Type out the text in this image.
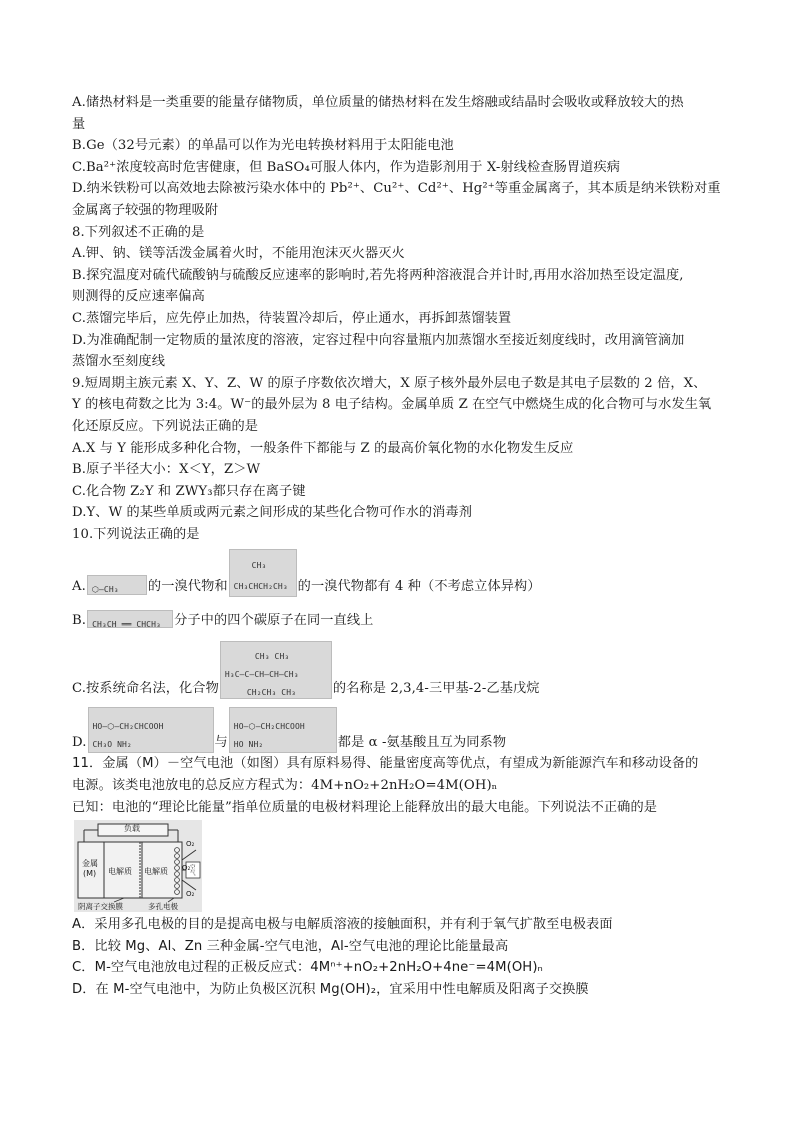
A.储热材料是一类重要的能量存储物质，单位质量的储热材料在发生熔融或结晶时会吸收或释放较大的热
量
B.Ge（32号元素）的单晶可以作为光电转换材料用于太阳能电池
C.Ba²⁺浓度较高时危害健康，但 BaSO₄可服人体内，作为造影剂用于 X-射线检查肠胃道疾病
D.纳米铁粉可以高效地去除被污染水体中的 Pb²⁺、Cu²⁺、Cd²⁺、Hg²⁺等重金属离子，其本质是纳米铁粉对重
金属离子较强的物理吸附
8.下列叙述不正确的是
A.钾、钠、镁等活泼金属着火时，不能用泡沫灭火器灭火
B.探究温度对硫代硫酸钠与硫酸反应速率的影响时,若先将两种溶液混合并计时,再用水浴加热至设定温度,
则测得的反应速率偏高
C.蒸馏完毕后，应先停止加热，待装置冷却后，停止通水，再拆卸蒸馏装置
D.为准确配制一定物质的量浓度的溶液，定容过程中向容量瓶内加蒸馏水至接近刻度线时，改用滴管滴加
蒸馏水至刻度线
9.短周期主族元素 X、Y、Z、W 的原子序数依次增大，X 原子核外最外层电子数是其电子层数的 2 倍，X、
Y 的核电荷数之比为 3:4。W⁻的最外层为 8 电子结构。金属单质 Z 在空气中燃烧生成的化合物可与水发生氧
化还原反应。下列说法正确的是
A.X 与 Y 能形成多种化合物，一般条件下都能与 Z 的最高价氧化物的水化物发生反应
B.原子半径大小：X＜Y，Z＞W
C.化合物 Z₂Y 和 ZWY₃都只存在离子键
D.Y、W 的某些单质或两元素之间形成的某些化合物可作水的消毒剂
10.下列说法正确的是
A. ⬡—CH₃ 的一溴代物和
CH₃
CH₃CHCH₂CH₃ 的一溴代物都有 4 种（不考虑立体异构）
B. CH₃CH ══ CHCH₃ 分子中的四个碳原子在同一直线上
C.按系统命名法，化合物
CH₃ CH₃
H₃C—C—CH—CH—CH₃
CH₂CH₃ CH₃	的名称是 2,3,4-三甲基-2-乙基戊烷
D.
HO—⬡—CH₂CHCOOH
CH₃O NH₂	与
HO—⬡—CH₂CHCOOH
HO NH₂	都是 α -氨基酸且互为同系物
11．金属（M）－空气电池（如图）具有原料易得、能量密度高等优点，有望成为新能源汽车和移动设备的
电源。该类电池放电的总反应方程式为：4M+nO₂+2nH₂O=4M(OH)ₙ
已知：电池的“理论比能量”指单位质量的电极材料理论上能释放出的最大电能。下列说法不正确的是
负载
金属
(M) 电解质 电解质
O₂
O₂
O₂
空气
阴离子交换膜	多孔电极
A．采用多孔电极的目的是提高电极与电解质溶液的接触面积，并有利于氧气扩散至电极表面
B．比较 Mg、Al、Zn 三种金属-空气电池，Al-空气电池的理论比能量最高
C．M-空气电池放电过程的正极反应式：4Mⁿ⁺+nO₂+2nH₂O+4ne⁻=4M(OH)ₙ
D．在 M-空气电池中，为防止负极区沉积 Mg(OH)₂，宜采用中性电解质及阳离子交换膜
